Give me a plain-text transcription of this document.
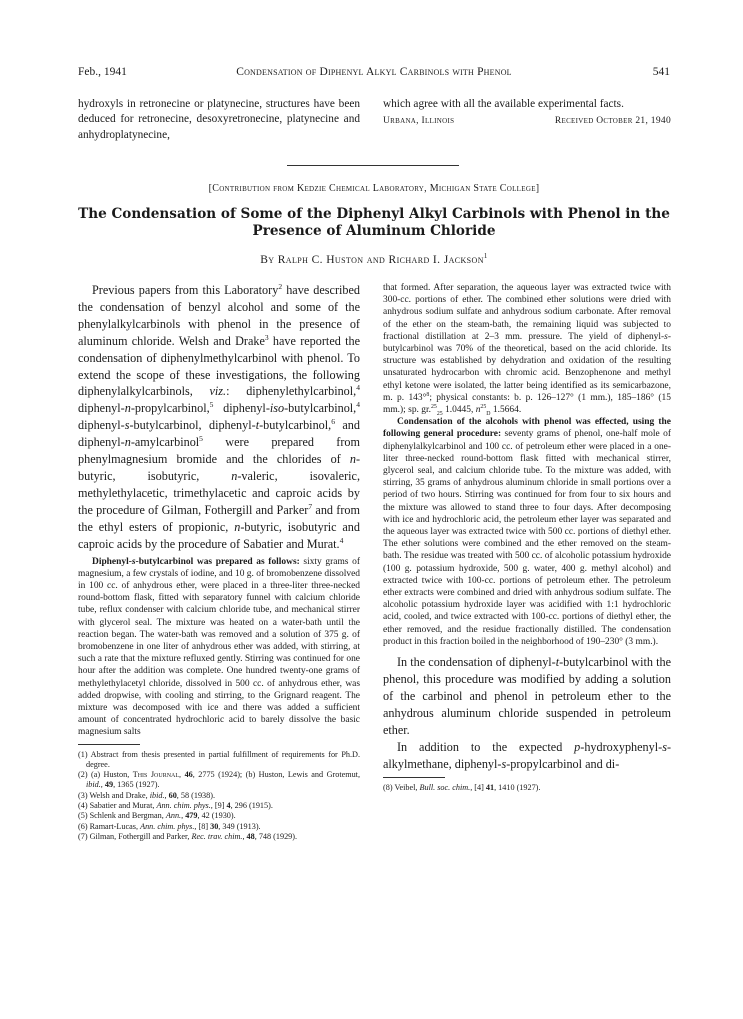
Feb., 1941	Condensation of Diphenyl Alkyl Carbinols with Phenol	541

hydroxyls in retronecine or platynecine, structures have been deduced for retronecine, desoxyretronecine, platynecine and anhydroplatynecine,

which agree with all the available experimental facts.

Urbana, Illinois	Received October 21, 1940
[Contribution from Kedzie Chemical Laboratory, Michigan State College]
The Condensation of Some of the Diphenyl Alkyl Carbinols with Phenol in the
Presence of Aluminum Chloride
By Ralph C. Huston and Richard I. Jackson$^1$

Previous papers from this Laboratory$^2$ have described the condensation of benzyl alcohol and some of the phenylalkylcarbinols with phenol in the presence of aluminum chloride. Welsh and Drake$^3$ have reported the condensation of diphenylmethylcarbinol with phenol. To extend the scope of these investigations, the following diphenylalkylcarbinols, viz.: diphenylethylcarbinol,$^4$ diphenyl-n-propylcarbinol,$^5$ diphenyl-iso-butylcarbinol,$^4$ diphenyl-s-butylcarbinol, diphenyl-t-butylcarbinol,$^6$ and diphenyl-n-amylcarbinol$^5$ were prepared from phenylmagnesium bromide and the chlorides of n-butyric, isobutyric, n-valeric, isovaleric, methylethylacetic, trimethylacetic and caproic acids by the procedure of Gilman, Fothergill and Parker$^7$ and from the ethyl esters of propionic, n-butyric, isobutyric and caproic acids by the procedure of Sabatier and Murat.$^4$

Diphenyl-s-butylcarbinol was prepared as follows: sixty grams of magnesium, a few crystals of iodine, and 10 g. of bromobenzene dissolved in 100 cc. of anhydrous ether, were placed in a three-liter three-necked round-bottom flask, fitted with separatory funnel with calcium chloride tube, reflux condenser with calcium chloride tube, and mechanical stirrer with glycerol seal. The mixture was heated on a water-bath until the reaction began. The water-bath was removed and a solution of 375 g. of bromobenzene in one liter of anhydrous ether was added, with stirring, at such a rate that the mixture refluxed gently. Stirring was continued for one hour after the addition was complete. One hundred twenty-one grams of methylethylacetyl chloride, dissolved in 500 cc. of anhydrous ether, was added dropwise, with cooling and stirring, to the Grignard reagent. The mixture was decomposed with ice and there was added a sufficient amount of concentrated hydrochloric acid to barely dissolve the basic magnesium salts

(1) Abstract from thesis presented in partial fulfillment of requirements for Ph.D. degree.

(2) (a) Huston, This Journal, 46, 2775 (1924); (b) Huston, Lewis and Grotemut, ibid., 49, 1365 (1927).

(3) Welsh and Drake, ibid., 60, 58 (1938).

(4) Sabatier and Murat, Ann. chim. phys., [9] 4, 296 (1915).

(5) Schlenk and Bergman, Ann., 479, 42 (1930).

(6) Ramart-Lucas, Ann. chim. phys., [8] 30, 349 (1913).

(7) Gilman, Fothergill and Parker, Rec. trav. chim., 48, 748 (1929).

that formed. After separation, the aqueous layer was extracted twice with 300-cc. portions of ether. The combined ether solutions were dried with anhydrous sodium sulfate and anhydrous sodium carbonate. After removal of the ether on the steam-bath, the remaining liquid was subjected to fractional distillation at 2–3 mm. pressure. The yield of diphenyl-s-butylcarbinol was 70% of the theoretical, based on the acid chloride. Its structure was established by dehydration and oxidation of the resulting unsaturated hydrocarbon with chromic acid. Benzophenone and methyl ethyl ketone were isolated, the latter being identified as its semicarbazone, m. p. 143°$^8$; physical constants: b. p. 126–127° (1 mm.), 185–186° (15 mm.); sp. gr.$^{25}_{25}$ 1.0445, $n^{25}_D$ 1.5664.

Condensation of the alcohols with phenol was effected, using the following general procedure: seventy grams of phenol, one-half mole of diphenylalkylcarbinol and 100 cc. of petroleum ether were placed in a one-liter three-necked round-bottom flask fitted with mechanical stirrer, glycerol seal, and calcium chloride tube. To the mixture was added, with stirring, 35 grams of anhydrous aluminum chloride in small portions over a period of two hours. Stirring was continued for from four to six hours and the mixture was allowed to stand three to four days. After decomposing with ice and hydrochloric acid, the petroleum ether layer was separated and the aqueous layer was extracted twice with 500 cc. portions of diethyl ether. The ether solutions were combined and the ether removed on the steam-bath. The residue was treated with 500 cc. of alcoholic potassium hydroxide (100 g. potassium hydroxide, 500 g. water, 400 g. methyl alcohol) and extracted twice with 100-cc. portions of petroleum ether. The petroleum ether extracts were combined and dried with anhydrous sodium sulfate. The alcoholic potassium hydroxide layer was acidified with 1:1 hydrochloric acid, cooled, and twice extracted with 100-cc. portions of diethyl ether, the ether removed, and the residue fractionally distilled. The condensation product in this fraction boiled in the neighborhood of 190–230° (3 mm.).

In the condensation of diphenyl-t-butylcarbinol with the phenol, this procedure was modified by adding a solution of the carbinol and phenol in petroleum ether to the anhydrous aluminum chloride suspended in petroleum ether.

In addition to the expected p-hydroxyphenyl-s-alkylmethane, diphenyl-s-propylcarbinol and di-

(8) Veibel, Bull. soc. chim., [4] 41, 1410 (1927).
